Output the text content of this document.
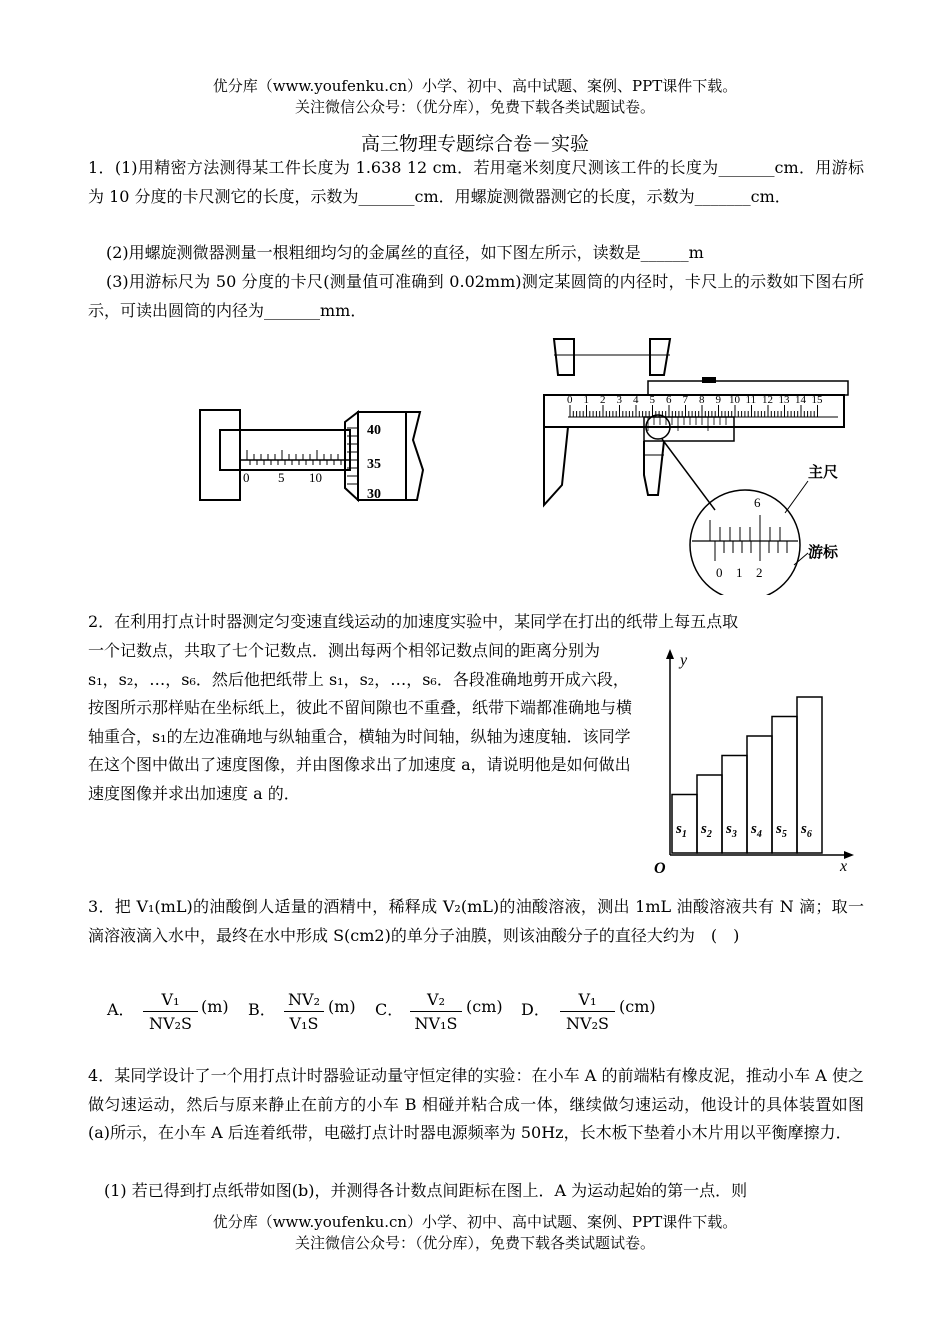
优分库（www.youfenku.cn）小学、初中、高中试题、案例、PPT课件下载。
关注微信公众号：（优分库），免费下载各类试题试卷。
高三物理专题综合卷－实验
1．(1)用精密方法测得某工件长度为 1.638 12 cm．若用毫米刻度尺测该工件的长度为_______cm．用游标为 10 分度的卡尺测它的长度，示数为_______cm．用螺旋测微器测它的长度，示数为_______cm．
(2)用螺旋测微器测量一根粗细均匀的金属丝的直径，如下图左所示，读数是______m
(3)用游标尺为 50 分度的卡尺(测量值可准确到 0.02mm)测定某圆筒的内径时，卡尺上的示数如下图右所示，可读出圆筒的内径为_______mm．
0 5 10
40
35
30
0 1 2 3 4 5 6 7 8 9 10 11 12 13 14 15
6
0 1 2
主尺
游标
2．在利用打点计时器测定匀变速直线运动的加速度实验中，某同学在打出的纸带上每五点取
一个记数点，共取了七个记数点．测出每两个相邻记数点间的距离分别为 s₁，s₂，…，s₆．然后他把纸带上 s₁，s₂，…，s₆．各段准确地剪开成六段，按图所示那样贴在坐标纸上，彼此不留间隙也不重叠，纸带下端都准确地与横轴重合，s₁的左边准确地与纵轴重合，横轴为时间轴，纵轴为速度轴．该同学在这个图中做出了速度图像，并由图像求出了加速度 a，请说明他是如何做出速度图像并求出加速度 a 的．
y
x
O
$s_1$ $s_2$ $s_3$ $s_4$ $s_5$ $s_6$
3．把 V₁(mL)的油酸倒人适量的酒精中，稀释成 V₂(mL)的油酸溶液，测出 1mL 油酸溶液共有 N 滴；取一滴溶液滴入水中，最终在水中形成 S(cm2)的单分子油膜，则该油酸分子的直径大约为　(　)
A． $\frac{\text{V₁}}{\text{NV₂S}} (m)$ B． $\frac{\text{NV₂}}{\text{V₁S}} (m)$ C． $\frac{\text{V₂}}{\text{NV₁S}} (cm)$ D． $\frac{\text{V₁}}{\text{NV₂S}} (cm)$
4．某同学设计了一个用打点计时器验证动量守恒定律的实验：在小车 A 的前端粘有橡皮泥，推动小车 A 使之做匀速运动，然后与原来静止在前方的小车 B 相碰并粘合成一体，继续做匀速运动，他设计的具体装置如图(a)所示，在小车 A 后连着纸带，电磁打点计时器电源频率为 50Hz，长木板下垫着小木片用以平衡摩擦力．
(1) 若已得到打点纸带如图(b)，并测得各计数点间距标在图上．A 为运动起始的第一点．则
优分库（www.youfenku.cn）小学、初中、高中试题、案例、PPT课件下载。
关注微信公众号：（优分库），免费下载各类试题试卷。
